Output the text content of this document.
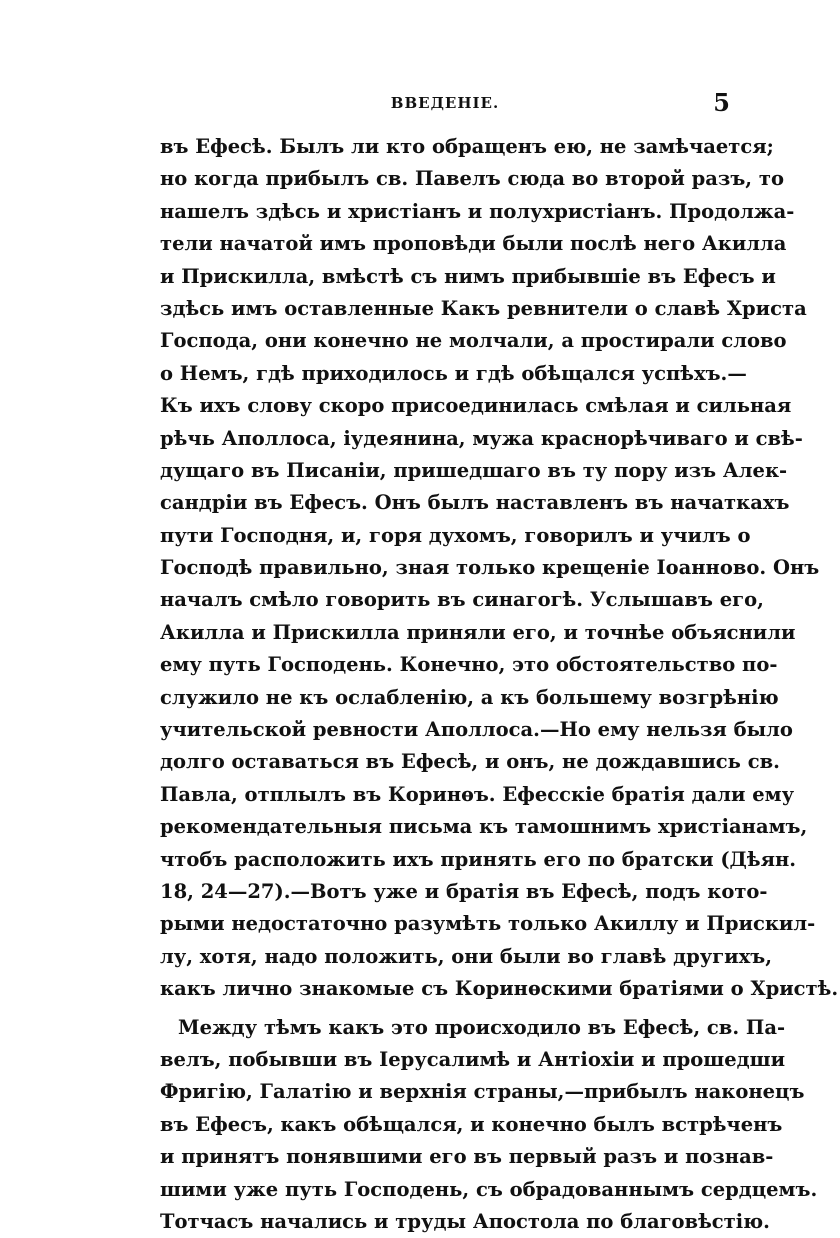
ВВЕДЕНІЕ.	5
въ Ефесѣ. Былъ ли кто обращенъ ею, не замѣчается;
но когда прибылъ св. Павелъ сюда во второй разъ, то
нашелъ здѣсь и христіанъ и полухристіанъ. Продолжа-
тели начатой имъ проповѣди были послѣ него Акилла
и Прискилла, вмѣстѣ съ нимъ прибывшіе въ Ефесъ и
здѣсь имъ оставленные Какъ ревнители о славѣ Христа
Господа, они конечно не молчали, а простирали слово
о Немъ, гдѣ приходилось и гдѣ обѣщался успѣхъ.—
Къ ихъ слову скоро присоединилась смѣлая и сильная
рѣчь Аполлоса, іудеянина, мужа краснорѣчиваго и свѣ-
дущаго въ Писаніи, пришедшаго въ ту пору изъ Алек-
сандріи въ Ефесъ. Онъ былъ наставленъ въ начаткахъ
пути Господня, и, горя духомъ, говорилъ и училъ о
Господѣ правильно, зная только крещеніе Іоанново. Онъ
началъ смѣло говорить въ синагогѣ. Услышавъ его,
Акилла и Прискилла приняли его, и точнѣе объяснили
ему путь Господень. Конечно, это обстоятельство по-
служило не къ ослабленію, а къ большему возгрѣнію
учительской ревности Аполлоса.—Но ему нельзя было
долго оставаться въ Ефесѣ, и онъ, не дождавшись св.
Павла, отплылъ въ Коринѳъ. Ефесскіе братія дали ему
рекомендательныя письма къ тамошнимъ христіанамъ,
чтобъ расположить ихъ принять его по братски (Дѣян.
18, 24—27).—Вотъ уже и братія въ Ефесѣ, подъ кото-
рыми недостаточно разумѣть только Акиллу и Прискил-
лу, хотя, надо положить, они были во главѣ другихъ,
какъ лично знакомые съ Коринѳскими братіями о Христѣ.
Между тѣмъ какъ это происходило въ Ефесѣ, св. Па-
велъ, побывши въ Іерусалимѣ и Антіохіи и прошедши
Фригію, Галатію и верхнія страны,—прибылъ наконецъ
въ Ефесъ, какъ обѣщался, и конечно былъ встрѣченъ
и принятъ понявшими его въ первый разъ и познав-
шими уже путь Господень, съ обрадованнымъ сердцемъ.
Тотчасъ начались и труды Апостола по благовѣстію.
